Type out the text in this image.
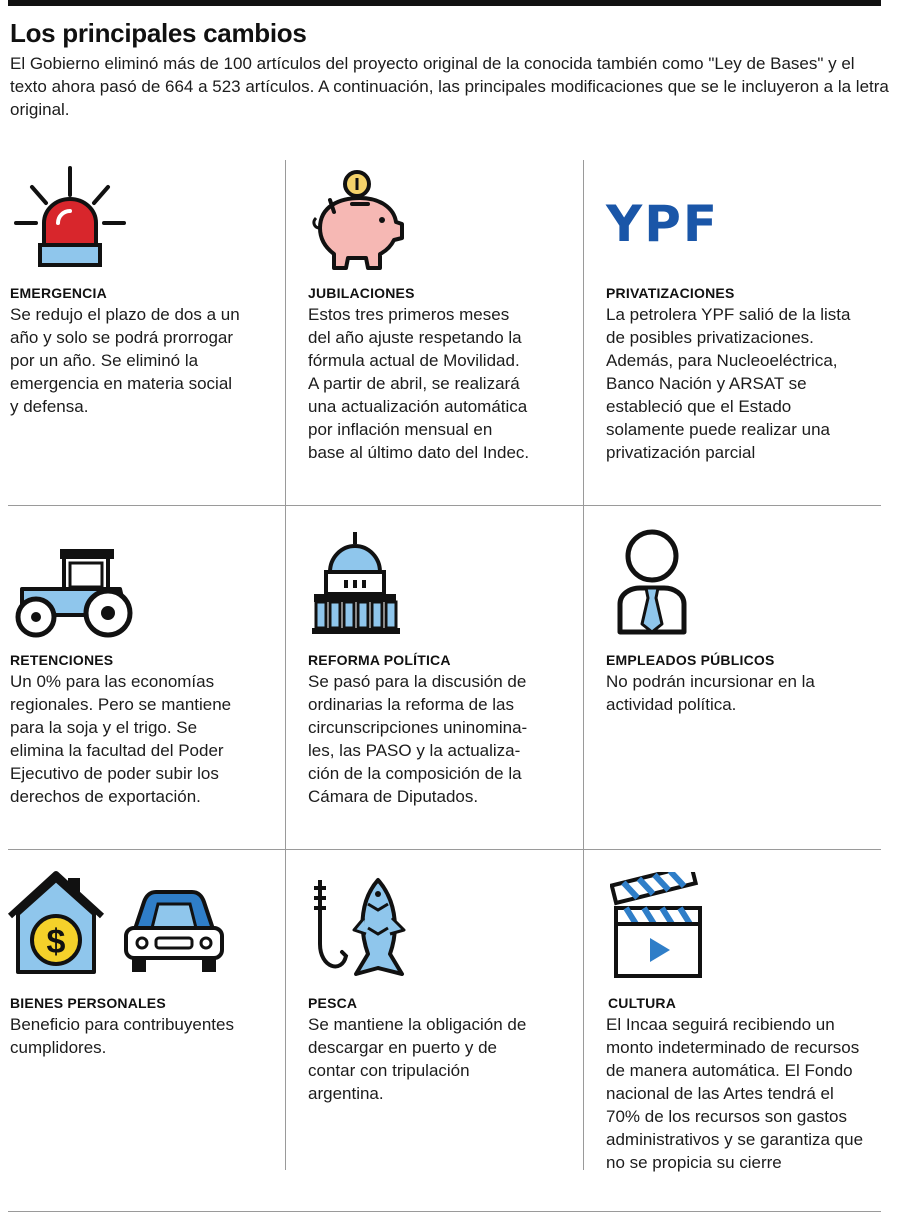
Los principales cambios
El Gobierno eliminó más de 100 artículos del proyecto original de la conocida también como "Ley de Bases" y el texto ahora pasó de 664 a 523 artículos. A continuación, las principales modificaciones que se le incluyeron a la letra original.
EMERGENCIA
Se redujo el plazo de dos a un
año y solo se podrá prorrogar
por un año. Se eliminó la
emergencia en materia social
y defensa.
JUBILACIONES
Estos tres primeros meses
del año ajuste respetando la
fórmula actual de Movilidad.
A partir de abril, se realizará
una actualización automática
por inflación mensual en
base al último dato del Indec.
YPF
PRIVATIZACIONES
La petrolera YPF salió de la lista
de posibles privatizaciones.
Además, para Nucleoeléctrica,
Banco Nación y ARSAT se
estableció que el Estado
solamente puede realizar una
privatización parcial
RETENCIONES
Un 0% para las economías
regionales. Pero se mantiene
para la soja y el trigo. Se
elimina la facultad del Poder
Ejecutivo de poder subir los
derechos de exportación.
REFORMA POLÍTICA
Se pasó para la discusión de
ordinarias la reforma de las
circunscripciones uninomina-
les, las PASO y la actualiza-
ción de la composición de la
Cámara de Diputados.
EMPLEADOS PÚBLICOS
No podrán incursionar en la
actividad política.
$
BIENES PERSONALES
Beneficio para contribuyentes
cumplidores.
PESCA
Se mantiene la obligación de
descargar en puerto y de
contar con tripulación
argentina.
CULTURA
El Incaa seguirá recibiendo un
monto indeterminado de recursos
de manera automática. El Fondo
nacional de las Artes tendrá el
70% de los recursos son gastos
administrativos y se garantiza que
no se propicia su cierre
